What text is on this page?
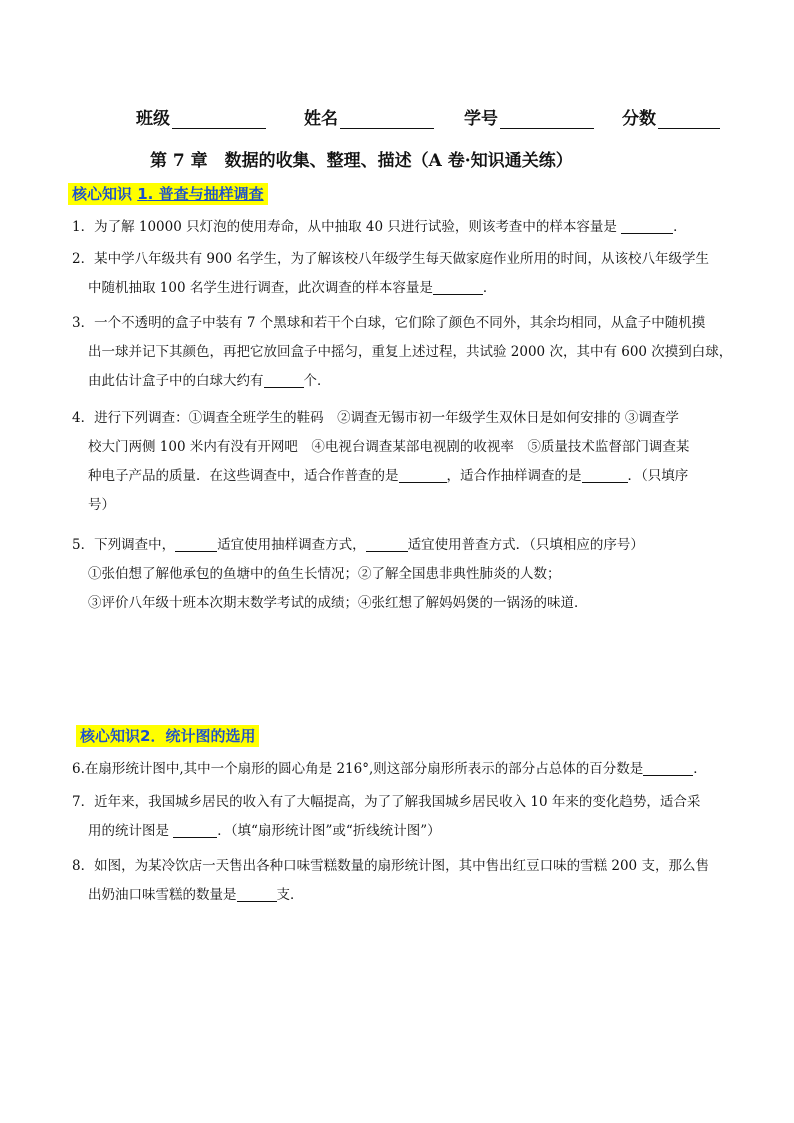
班级	姓名	学号	分数
第 7 章　数据的收集、整理、描述（A 卷·知识通关练）
核心知识 1. 普查与抽样调查
1．为了解 10000 只灯泡的使用寿命，从中抽取 40 只进行试验，则该考查中的样本容量是	．
2．某中学八年级共有 900 名学生，为了解该校八年级学生每天做家庭作业所用的时间，从该校八年级学生
中随机抽取 100 名学生进行调查，此次调查的样本容量是	．
3．一个不透明的盒子中装有 7 个黑球和若干个白球，它们除了颜色不同外，其余均相同，从盒子中随机摸
出一球并记下其颜色，再把它放回盒子中摇匀，重复上述过程，共试验 2000 次，其中有 600 次摸到白球，
由此估计盒子中的白球大约有	个．
4．进行下列调查：①调查全班学生的鞋码　②调查无锡市初一年级学生双休日是如何安排的 ③调查学
校大门两侧 100 米内有没有开网吧　④电视台调查某部电视剧的收视率　⑤质量技术监督部门调查某
种电子产品的质量．在这些调查中，适合作普查的是	，适合作抽样调查的是	．（只填序
号）
5．下列调查中，	适宜使用抽样调查方式，	适宜使用普查方式．（只填相应的序号）
①张伯想了解他承包的鱼塘中的鱼生长情况；②了解全国患非典性肺炎的人数；
③评价八年级十班本次期末数学考试的成绩；④张红想了解妈妈煲的一锅汤的味道．
核心知识2．统计图的选用
6.在扇形统计图中,其中一个扇形的圆心角是 216°,则这部分扇形所表示的部分占总体的百分数是	．
7．近年来，我国城乡居民的收入有了大幅提高，为了了解我国城乡居民收入 10 年来的变化趋势，适合采
用的统计图是	．（填“扇形统计图”或“折线统计图”）
8．如图，为某冷饮店一天售出各种口味雪糕数量的扇形统计图，其中售出红豆口味的雪糕 200 支，那么售
出奶油口味雪糕的数量是	支．
